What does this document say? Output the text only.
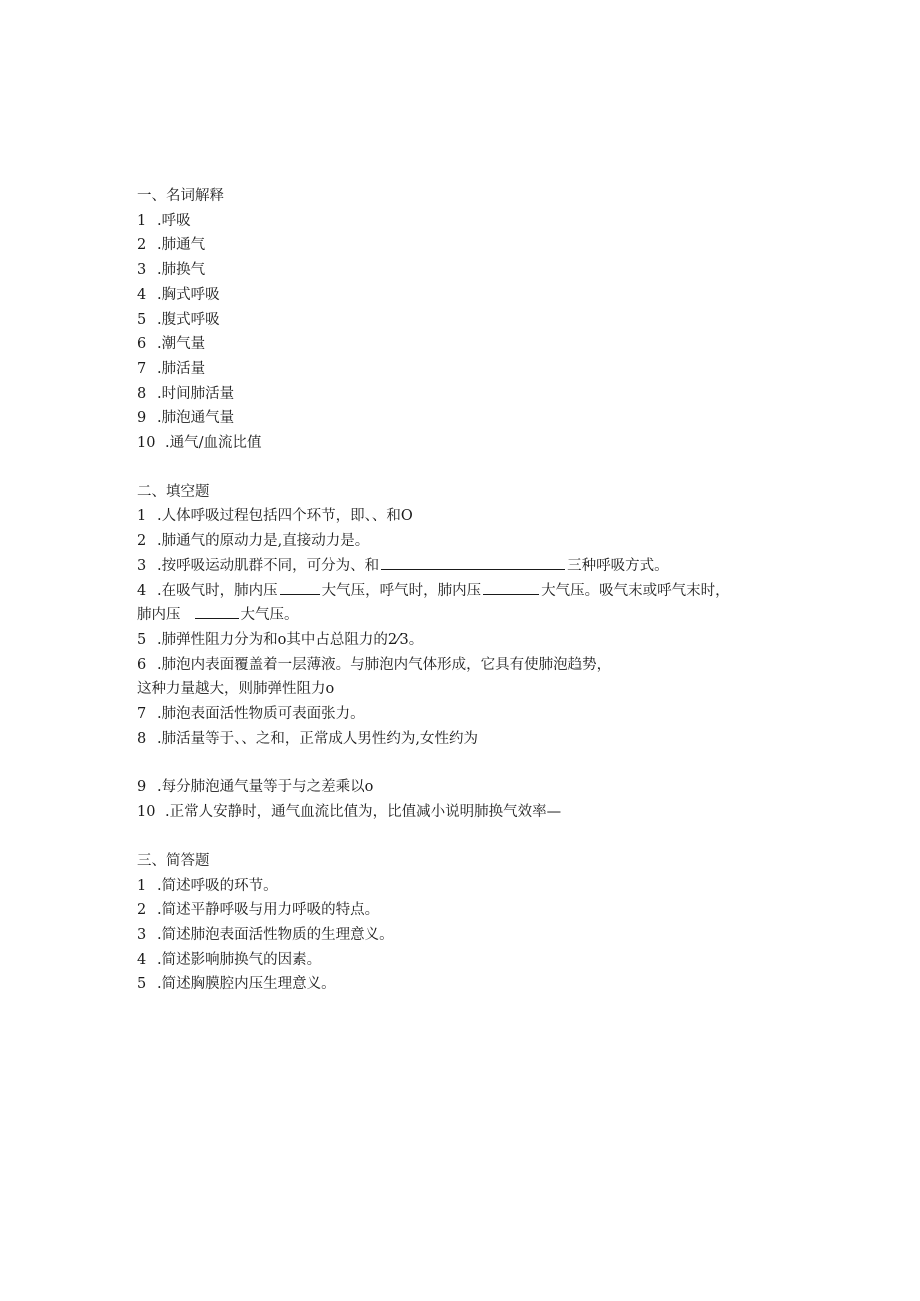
一、名词解释
1 .呼吸
2 .肺通气
3 .肺换气
4 .胸式呼吸
5 .腹式呼吸
6 .潮气量
7 .肺活量
8 .时间肺活量
9 .肺泡通气量
10 .通气/血流比值
二、填空题
1 .人体呼吸过程包括四个环节，即、、和O
2 .肺通气的原动力是,直接动力是。
3 .按呼吸运动肌群不同，可分为、和	三种呼吸方式。
4 .在吸气时，肺内压	大气压，呼气时，肺内压	大气压。吸气末或呼气末时，
肺内压	大气压。
5 .肺弹性阻力分为和o其中占总阻力的2⁄3。
6 .肺泡内表面覆盖着一层薄液。与肺泡内气体形成，它具有使肺泡趋势，
这种力量越大，则肺弹性阻力o
7 .肺泡表面活性物质可表面张力。
8 .肺活量等于、、之和，正常成人男性约为,女性约为
9 .每分肺泡通气量等于与之差乘以o
10 .正常人安静时，通气血流比值为，比值减小说明肺换气效率—
三、简答题
1 .简述呼吸的环节。
2 .简述平静呼吸与用力呼吸的特点。
3 .简述肺泡表面活性物质的生理意义。
4 .简述影响肺换气的因素。
5 .简述胸膜腔内压生理意义。
